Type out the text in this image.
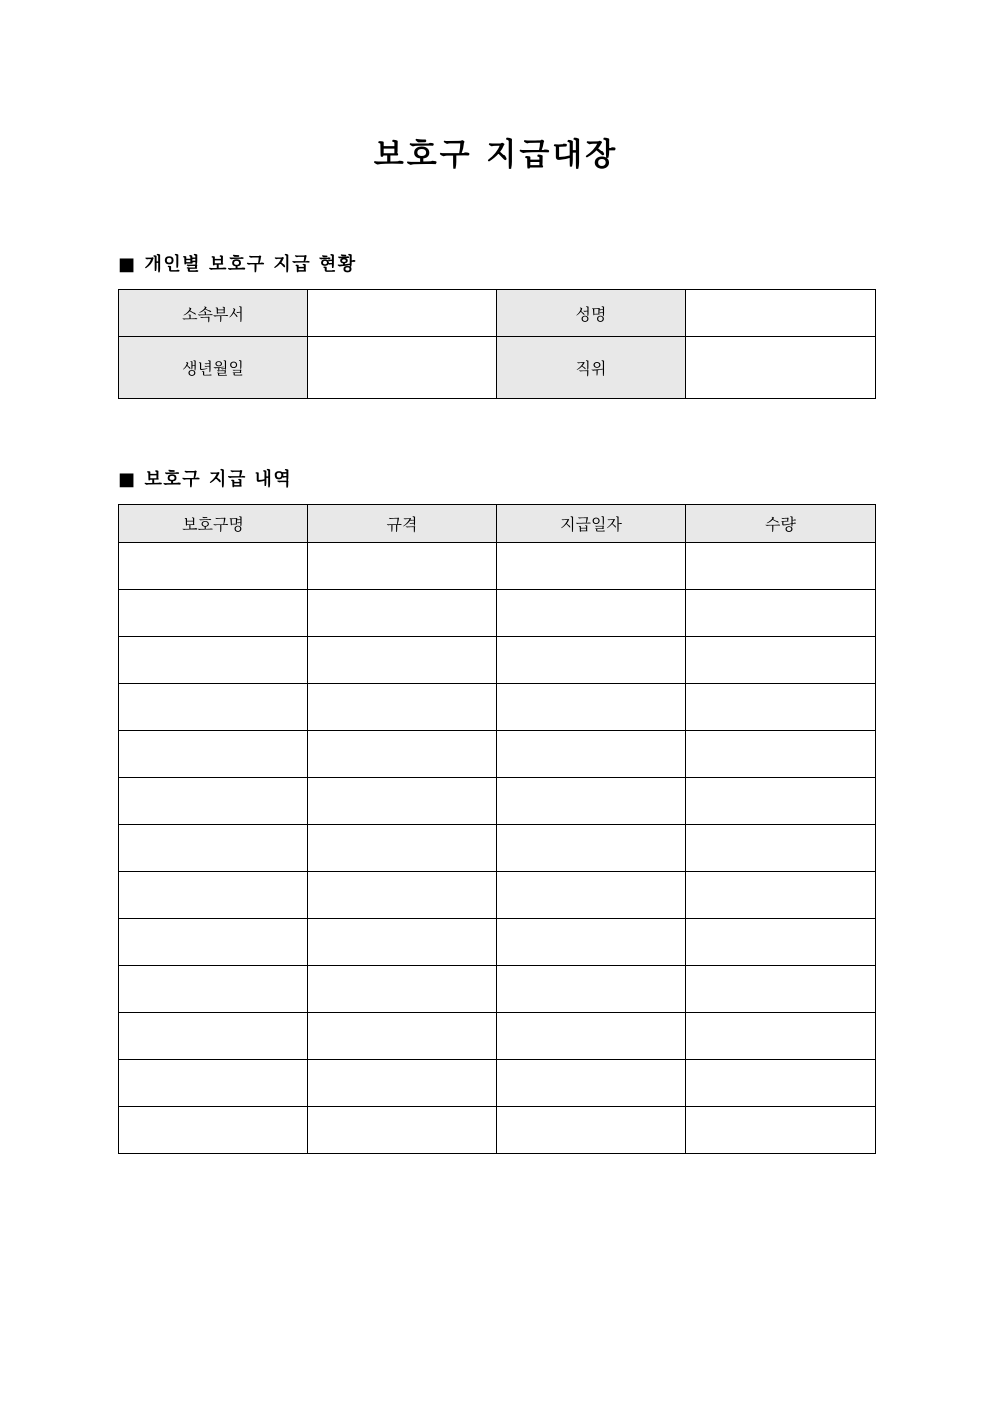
보호구 지급대장
■ 개인별 보호구 지급 현황
소속부서		성명	
생년월일		직위	
■ 보호구 지급 내역
보호구명	규격	지급일자	수량
